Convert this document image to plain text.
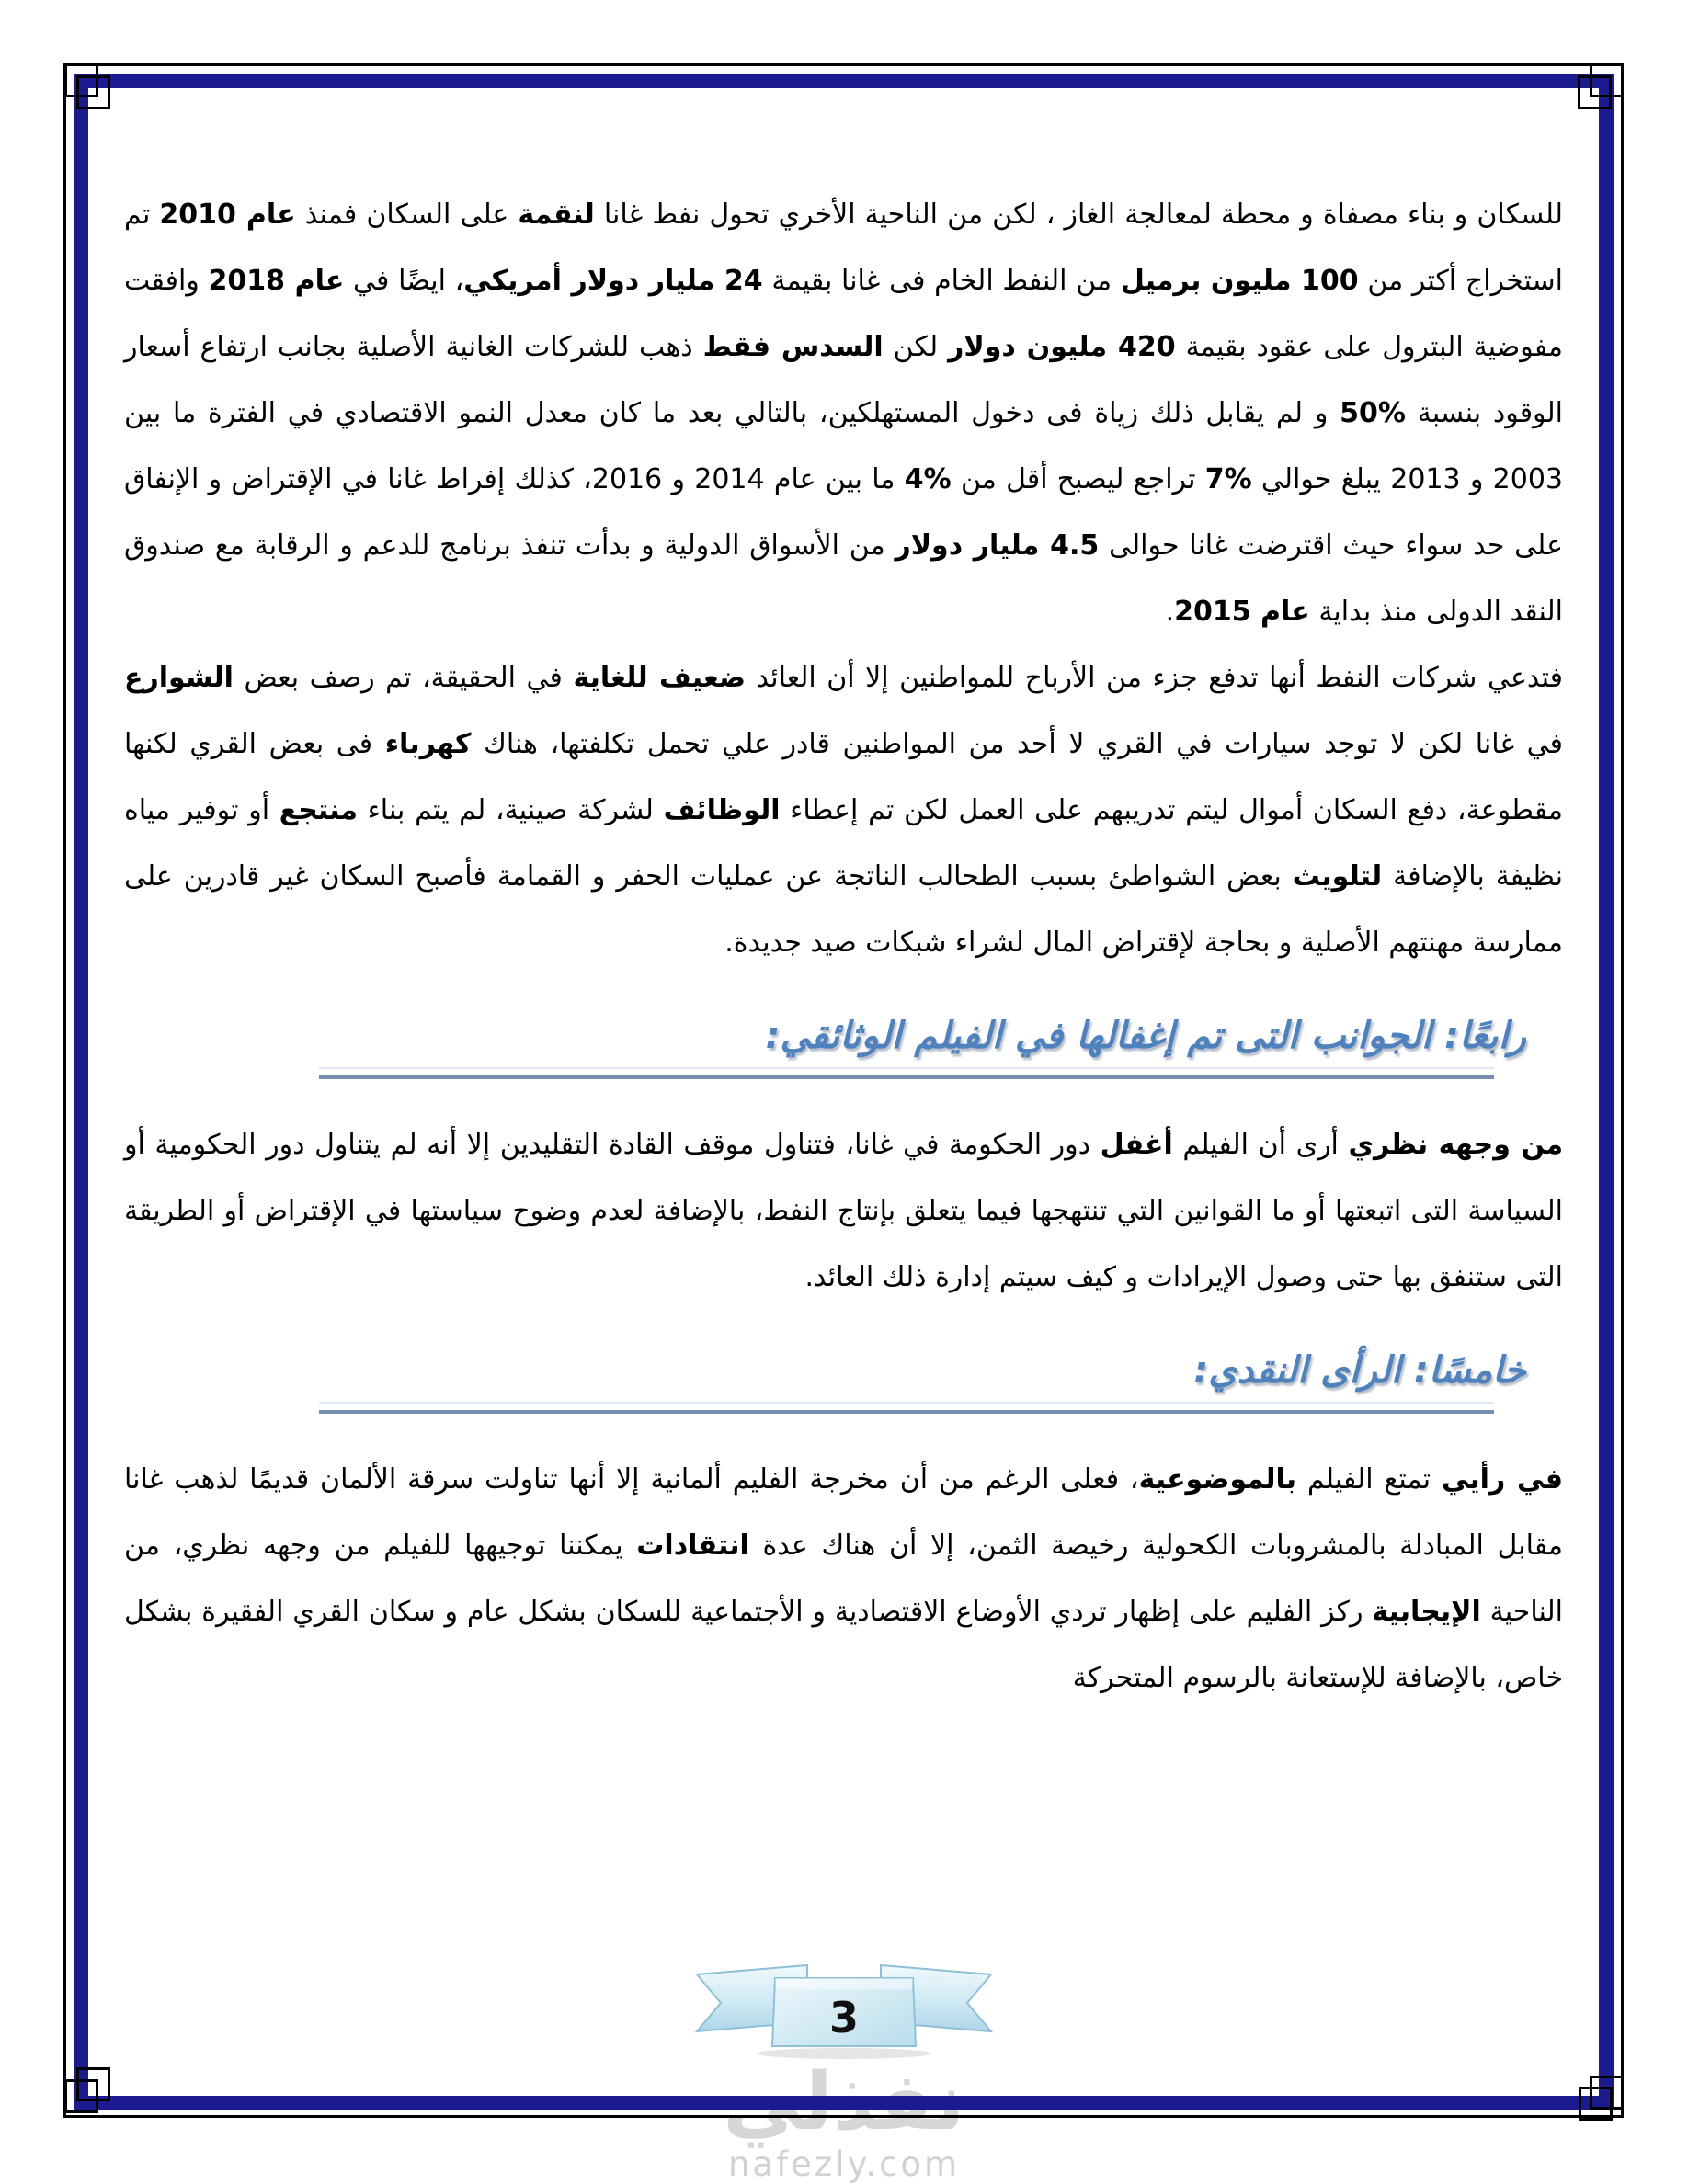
نفذلي
nafezly.com

للسكان و بناء مصفاة و محطة لمعالجة الغاز ، لكن من الناحية الأخري تحول نفط غانا لنقمة على السكان فمنذ عام 2010 تم استخراج أكتر من 100 مليون برميل من النفط الخام فى غانا بقيمة 24 مليار دولار أمريكي، ايضًا في عام 2018 وافقت مفوضية البترول على عقود بقيمة 420 مليون دولار لكن السدس فقط ذهب للشركات الغانية الأصلية بجانب ارتفاع أسعار الوقود بنسبة %50 و لم يقابل ذلك زياة فى دخول المستهلكين، بالتالي بعد ما كان معدل النمو الاقتصادي في الفترة ما بين 2003 و 2013 يبلغ حوالي %7 تراجع ليصبح أقل من %4 ما بين عام 2014 و 2016، كذلك إفراط غانا في الإقتراض و الإنفاق على حد سواء حيث اقترضت غانا حوالى 4.5 مليار دولار من الأسواق الدولية و بدأت تنفذ برنامج للدعم و الرقابة مع صندوق النقد الدولى منذ بداية عام 2015.

فتدعي شركات النفط أنها تدفع جزء من الأرباح للمواطنين إلا أن العائد ضعيف للغاية في الحقيقة، تم رصف بعض الشوارع في غانا لكن لا توجد سيارات في القري لا أحد من المواطنين قادر علي تحمل تكلفتها، هناك كهرباء فى بعض القري لكنها مقطوعة، دفع السكان أموال ليتم تدريبهم على العمل لكن تم إعطاء الوظائف لشركة صينية، لم يتم بناء منتجع أو توفير مياه نظيفة بالإضافة لتلويث بعض الشواطئ بسبب الطحالب الناتجة عن عمليات الحفر و القمامة فأصبح السكان غير قادرين على ممارسة مهنتهم الأصلية و بحاجة لإقتراض المال لشراء شبكات صيد جديدة.

رابعًا: الجوانب التى تم إغفالها في الفيلم الوثائقي:

من وجهه نظري أرى أن الفيلم أغفل دور الحكومة في غانا، فتناول موقف القادة التقليدين إلا أنه لم يتناول دور الحكومية أو السياسة التى اتبعتها أو ما القوانين التي تنتهجها فيما يتعلق بإنتاج النفط، بالإضافة لعدم وضوح سياستها في الإقتراض أو الطريقة التى ستنفق بها حتى وصول الإيرادات و كيف سيتم إدارة ذلك العائد.

خامسًا: الرأى النقدي:

في رأيي تمتع الفيلم بالموضوعية، فعلى الرغم من أن مخرجة الفليم ألمانية إلا أنها تناولت سرقة الألمان قديمًا لذهب غانا مقابل المبادلة بالمشروبات الكحولية رخيصة الثمن، إلا أن هناك عدة انتقادات يمكننا توجيهها للفيلم من وجهه نظري، من الناحية الإيجابية ركز الفليم على إظهار تردي الأوضاع الاقتصادية و الأجتماعية للسكان بشكل عام و سكان القري الفقيرة بشكل خاص، بالإضافة للإستعانة بالرسوم المتحركة

3
